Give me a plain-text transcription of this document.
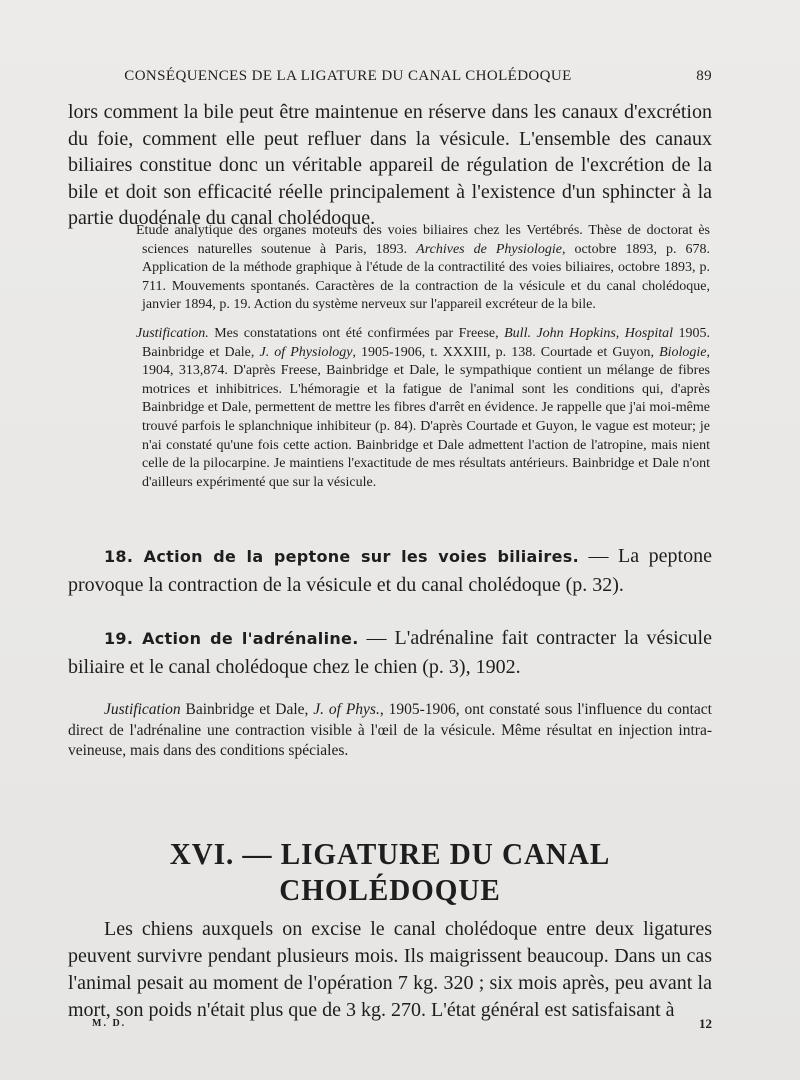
CONSÉQUENCES DE LA LIGATURE DU CANAL CHOLÉDOQUE	89

lors comment la bile peut être maintenue en réserve dans les canaux d'excrétion du foie, comment elle peut refluer dans la vésicule. L'ensemble des canaux biliaires constitue donc un véritable appareil de régulation de l'excrétion de la bile et doit son efficacité réelle principalement à l'existence d'un sphincter à la partie duodénale du canal cholédoque.

Etude analytique des organes moteurs des voies biliaires chez les Vertébrés. Thèse de doctorat ès sciences naturelles soutenue à Paris, 1893. Archives de Physiologie, octobre 1893, p. 678. Application de la méthode graphique à l'étude de la contractilité des voies biliaires, octobre 1893, p. 711. Mouvements spontanés. Caractères de la contraction de la vésicule et du canal cholédoque, janvier 1894, p. 19. Action du système nerveux sur l'appareil excréteur de la bile.

Justification. Mes constatations ont été confirmées par Freese, Bull. John Hopkins, Hospital 1905. Bainbridge et Dale, J. of Physiology, 1905-1906, t. XXXIII, p. 138. Courtade et Guyon, Biologie, 1904, 313,874. D'après Freese, Bainbridge et Dale, le sympathique contient un mélange de fibres motrices et inhibitrices. L'hémoragie et la fatigue de l'animal sont les conditions qui, d'après Bainbridge et Dale, permettent de mettre les fibres d'arrêt en évidence. Je rappelle que j'ai moi-même trouvé parfois le splanchnique inhibiteur (p. 84). D'après Courtade et Guyon, le vague est moteur; je n'ai constaté qu'une fois cette action. Bainbridge et Dale admettent l'action de l'atropine, mais nient celle de la pilocarpine. Je maintiens l'exactitude de mes résultats antérieurs. Bainbridge et Dale n'ont d'ailleurs expérimenté que sur la vésicule.

18. Action de la peptone sur les voies biliaires. — La peptone provoque la contraction de la vésicule et du canal cholédoque (p. 32).

19. Action de l'adrénaline. — L'adrénaline fait contracter la vésicule biliaire et le canal cholédoque chez le chien (p. 3), 1902.

Justification Bainbridge et Dale, J. of Phys., 1905-1906, ont constaté sous l'influence du contact direct de l'adrénaline une contraction visible à l'œil de la vésicule. Même résultat en injection intra-veineuse, mais dans des conditions spéciales.

XVI. — LIGATURE DU CANAL CHOLÉDOQUE

Les chiens auxquels on excise le canal cholédoque entre deux ligatures peuvent survivre pendant plusieurs mois. Ils maigrissent beaucoup. Dans un cas l'animal pesait au moment de l'opération 7 kg. 320 ; six mois après, peu avant la mort, son poids n'était plus que de 3 kg. 270. L'état général est satisfaisant à

M. D.	12
